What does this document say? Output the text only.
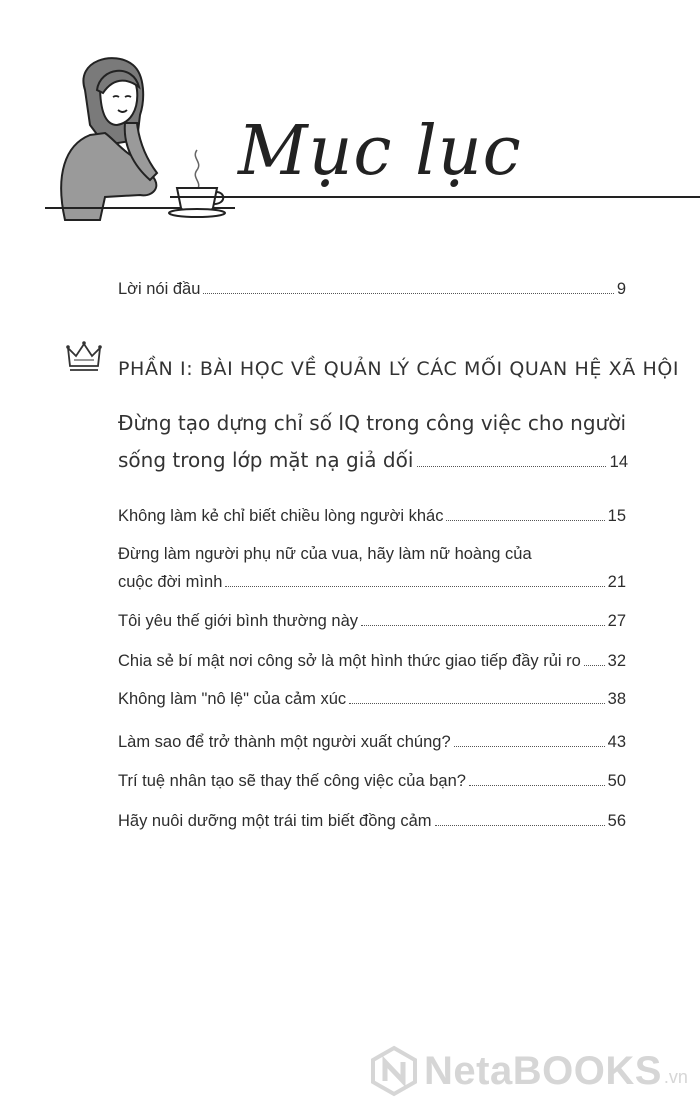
Mục lục
Lời nói đầu	9
PHẦN I: BÀI HỌC VỀ QUẢN LÝ CÁC MỐI QUAN HỆ XÃ HỘI
Đừng tạo dựng chỉ số IQ trong công việc cho người
sống trong lớp mặt nạ giả dối	14
Không làm kẻ chỉ biết chiều lòng người khác	15
Đừng làm người phụ nữ của vua, hãy làm nữ hoàng của
cuộc đời mình	21
Tôi yêu thế giới bình thường này	27
Chia sẻ bí mật nơi công sở là một hình thức giao tiếp đầy rủi ro 32
Không làm "nô lệ" của cảm xúc	38
Làm sao để trở thành một người xuất chúng?	43
Trí tuệ nhân tạo sẽ thay thế công việc của bạn?	50
Hãy nuôi dưỡng một trái tim biết đồng cảm	56
NetaBOOKS .vn
